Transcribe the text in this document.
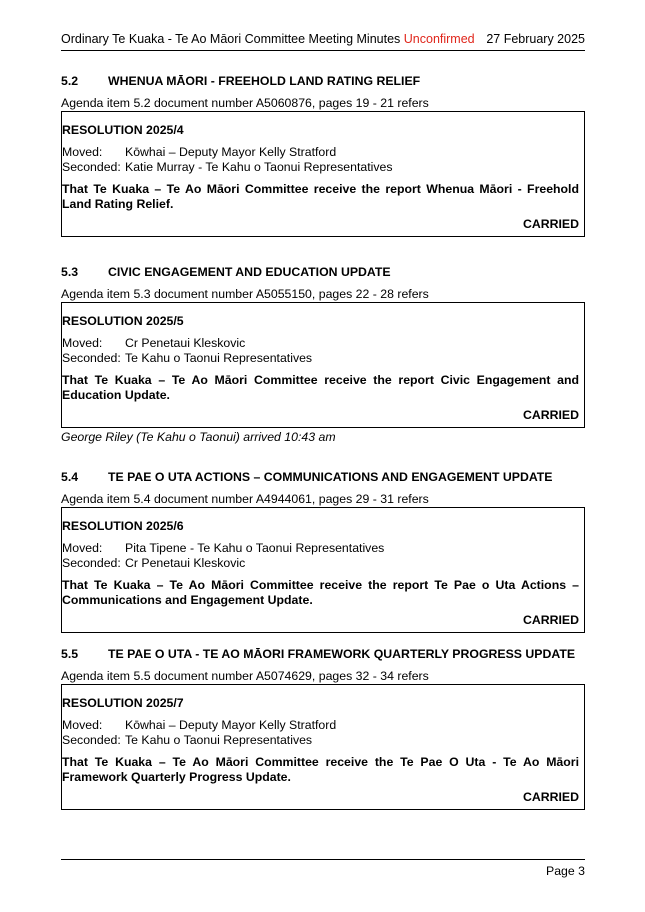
Ordinary Te Kuaka - Te Ao Māori Committee Meeting Minutes Unconfirmed 27 February 2025
5.2 WHENUA MĀORI - FREEHOLD LAND RATING RELIEF
Agenda item 5.2 document number A5060876, pages 19 - 21 refers
RESOLUTION 2025/4
Moved:	Kōwhai – Deputy Mayor Kelly Stratford
Seconded: Katie Murray - Te Kahu o Taonui Representatives
That Te Kuaka – Te Ao Māori Committee receive the report Whenua Māori - Freehold Land Rating Relief.
CARRIED
5.3 CIVIC ENGAGEMENT AND EDUCATION UPDATE
Agenda item 5.3 document number A5055150, pages 22 - 28 refers
RESOLUTION 2025/5
Moved:	Cr Penetaui Kleskovic
Seconded: Te Kahu o Taonui Representatives
That Te Kuaka – Te Ao Māori Committee receive the report Civic Engagement and Education Update.
CARRIED
George Riley (Te Kahu o Taonui) arrived 10:43 am
5.4 TE PAE O UTA ACTIONS – COMMUNICATIONS AND ENGAGEMENT UPDATE
Agenda item 5.4 document number A4944061, pages 29 - 31 refers
RESOLUTION 2025/6
Moved:	Pita Tipene - Te Kahu o Taonui Representatives
Seconded: Cr Penetaui Kleskovic
That Te Kuaka – Te Ao Māori Committee receive the report Te Pae o Uta Actions – Communications and Engagement Update.
CARRIED
5.5 TE PAE O UTA - TE AO MĀORI FRAMEWORK QUARTERLY PROGRESS UPDATE
Agenda item 5.5 document number A5074629, pages 32 - 34 refers
RESOLUTION 2025/7
Moved:	Kōwhai – Deputy Mayor Kelly Stratford
Seconded: Te Kahu o Taonui Representatives
That Te Kuaka – Te Ao Māori Committee receive the Te Pae O Uta - Te Ao Māori Framework Quarterly Progress Update.
CARRIED
Page 3
